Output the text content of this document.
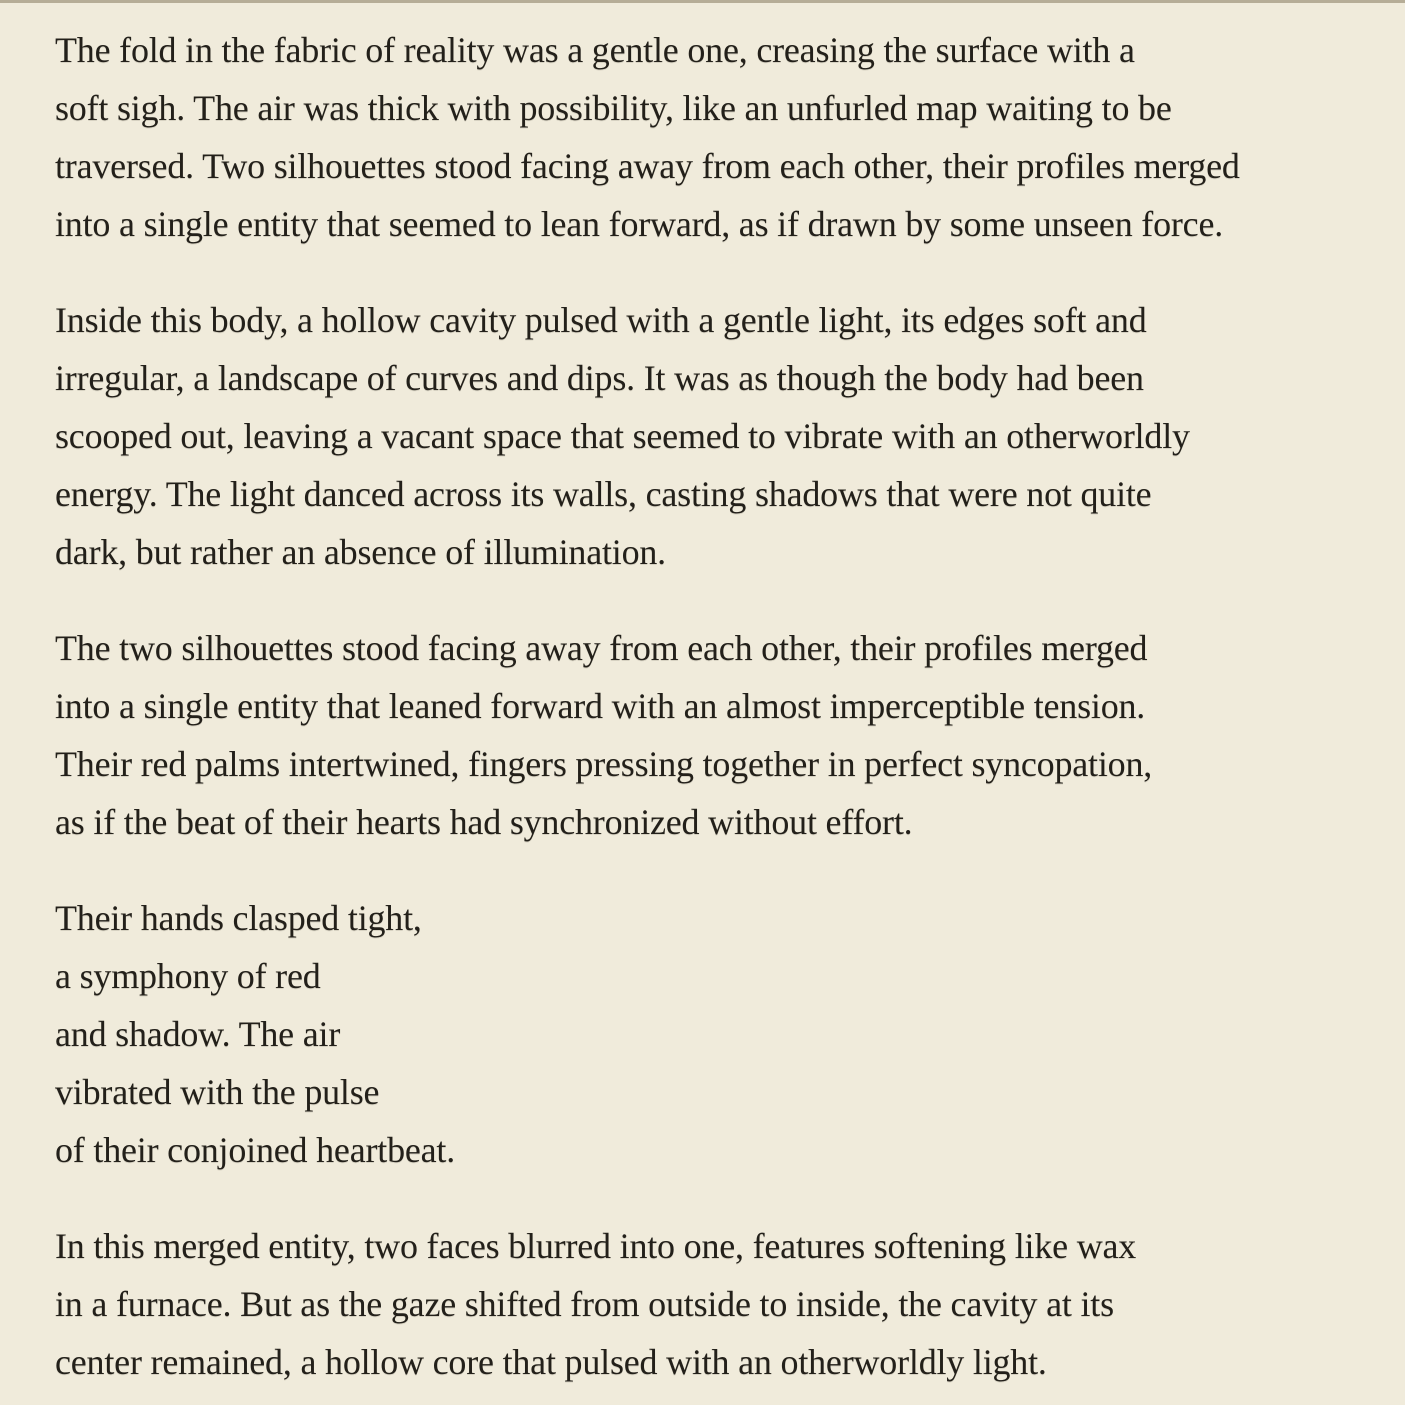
The fold in the fabric of reality was a gentle one, creasing the surface with a
soft sigh. The air was thick with possibility, like an unfurled map waiting to be
traversed. Two silhouettes stood facing away from each other, their profiles merged
into a single entity that seemed to lean forward, as if drawn by some unseen force.

Inside this body, a hollow cavity pulsed with a gentle light, its edges soft and
irregular, a landscape of curves and dips. It was as though the body had been
scooped out, leaving a vacant space that seemed to vibrate with an otherworldly
energy. The light danced across its walls, casting shadows that were not quite
dark, but rather an absence of illumination.

The two silhouettes stood facing away from each other, their profiles merged
into a single entity that leaned forward with an almost imperceptible tension.
Their red palms intertwined, fingers pressing together in perfect syncopation,
as if the beat of their hearts had synchronized without effort.

Their hands clasped tight,
a symphony of red
and shadow. The air
vibrated with the pulse
of their conjoined heartbeat.

In this merged entity, two faces blurred into one, features softening like wax
in a furnace. But as the gaze shifted from outside to inside, the cavity at its
center remained, a hollow core that pulsed with an otherworldly light.
